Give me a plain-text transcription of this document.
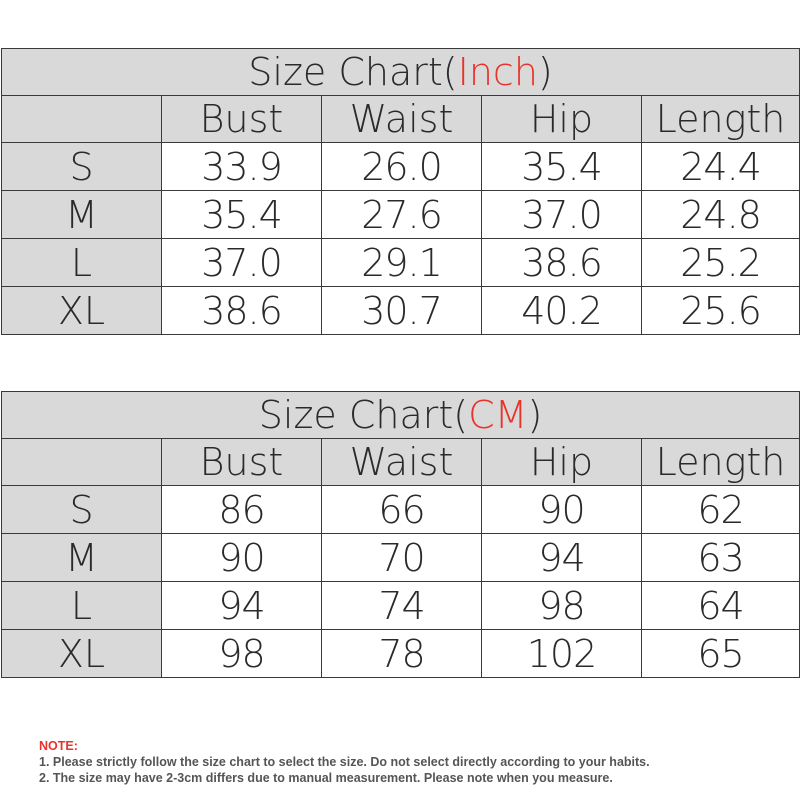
Size Chart(Inch)				
	Bust	Waist	Hip	Length
S	33.9	26.0	35.4	24.4
M	35.4	27.6	37.0	24.8
L	37.0	29.1	38.6	25.2
XL	38.6	30.7	40.2	25.6
Size Chart(CM)				
	Bust	Waist	Hip	Length
S	86	66	90	62
M	90	70	94	63
L	94	74	98	64
XL	98	78	102	65
NOTE:
1. Please strictly follow the size chart to select the size. Do not select directly according to your habits.
2. The size may have 2-3cm differs due to manual measurement. Please note when you measure.
